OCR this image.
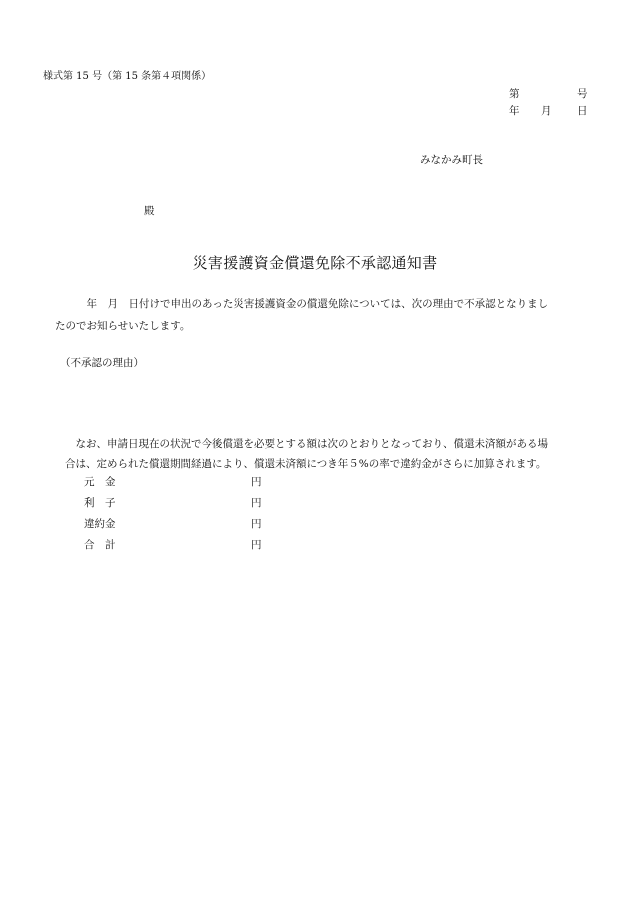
様式第 15 号（第 15 条第４項関係）
第	号
年 月 日
みなかみ町長
殿
災害援護資金償還免除不承認通知書
　　　年　月　日付けで申出のあった災害援護資金の償還免除については、次の理由で不承認となりまし
たのでお知らせいたします。
（不承認の理由）
　なお、申請日現在の状況で今後償還を必要とする額は次のとおりとなっており、償還未済額がある場
合は、定められた償還期間経過により、償還未済額につき年５%の率で違約金がさらに加算されます。
元　金	円
利　子	円
違約金	円
合　計	円
